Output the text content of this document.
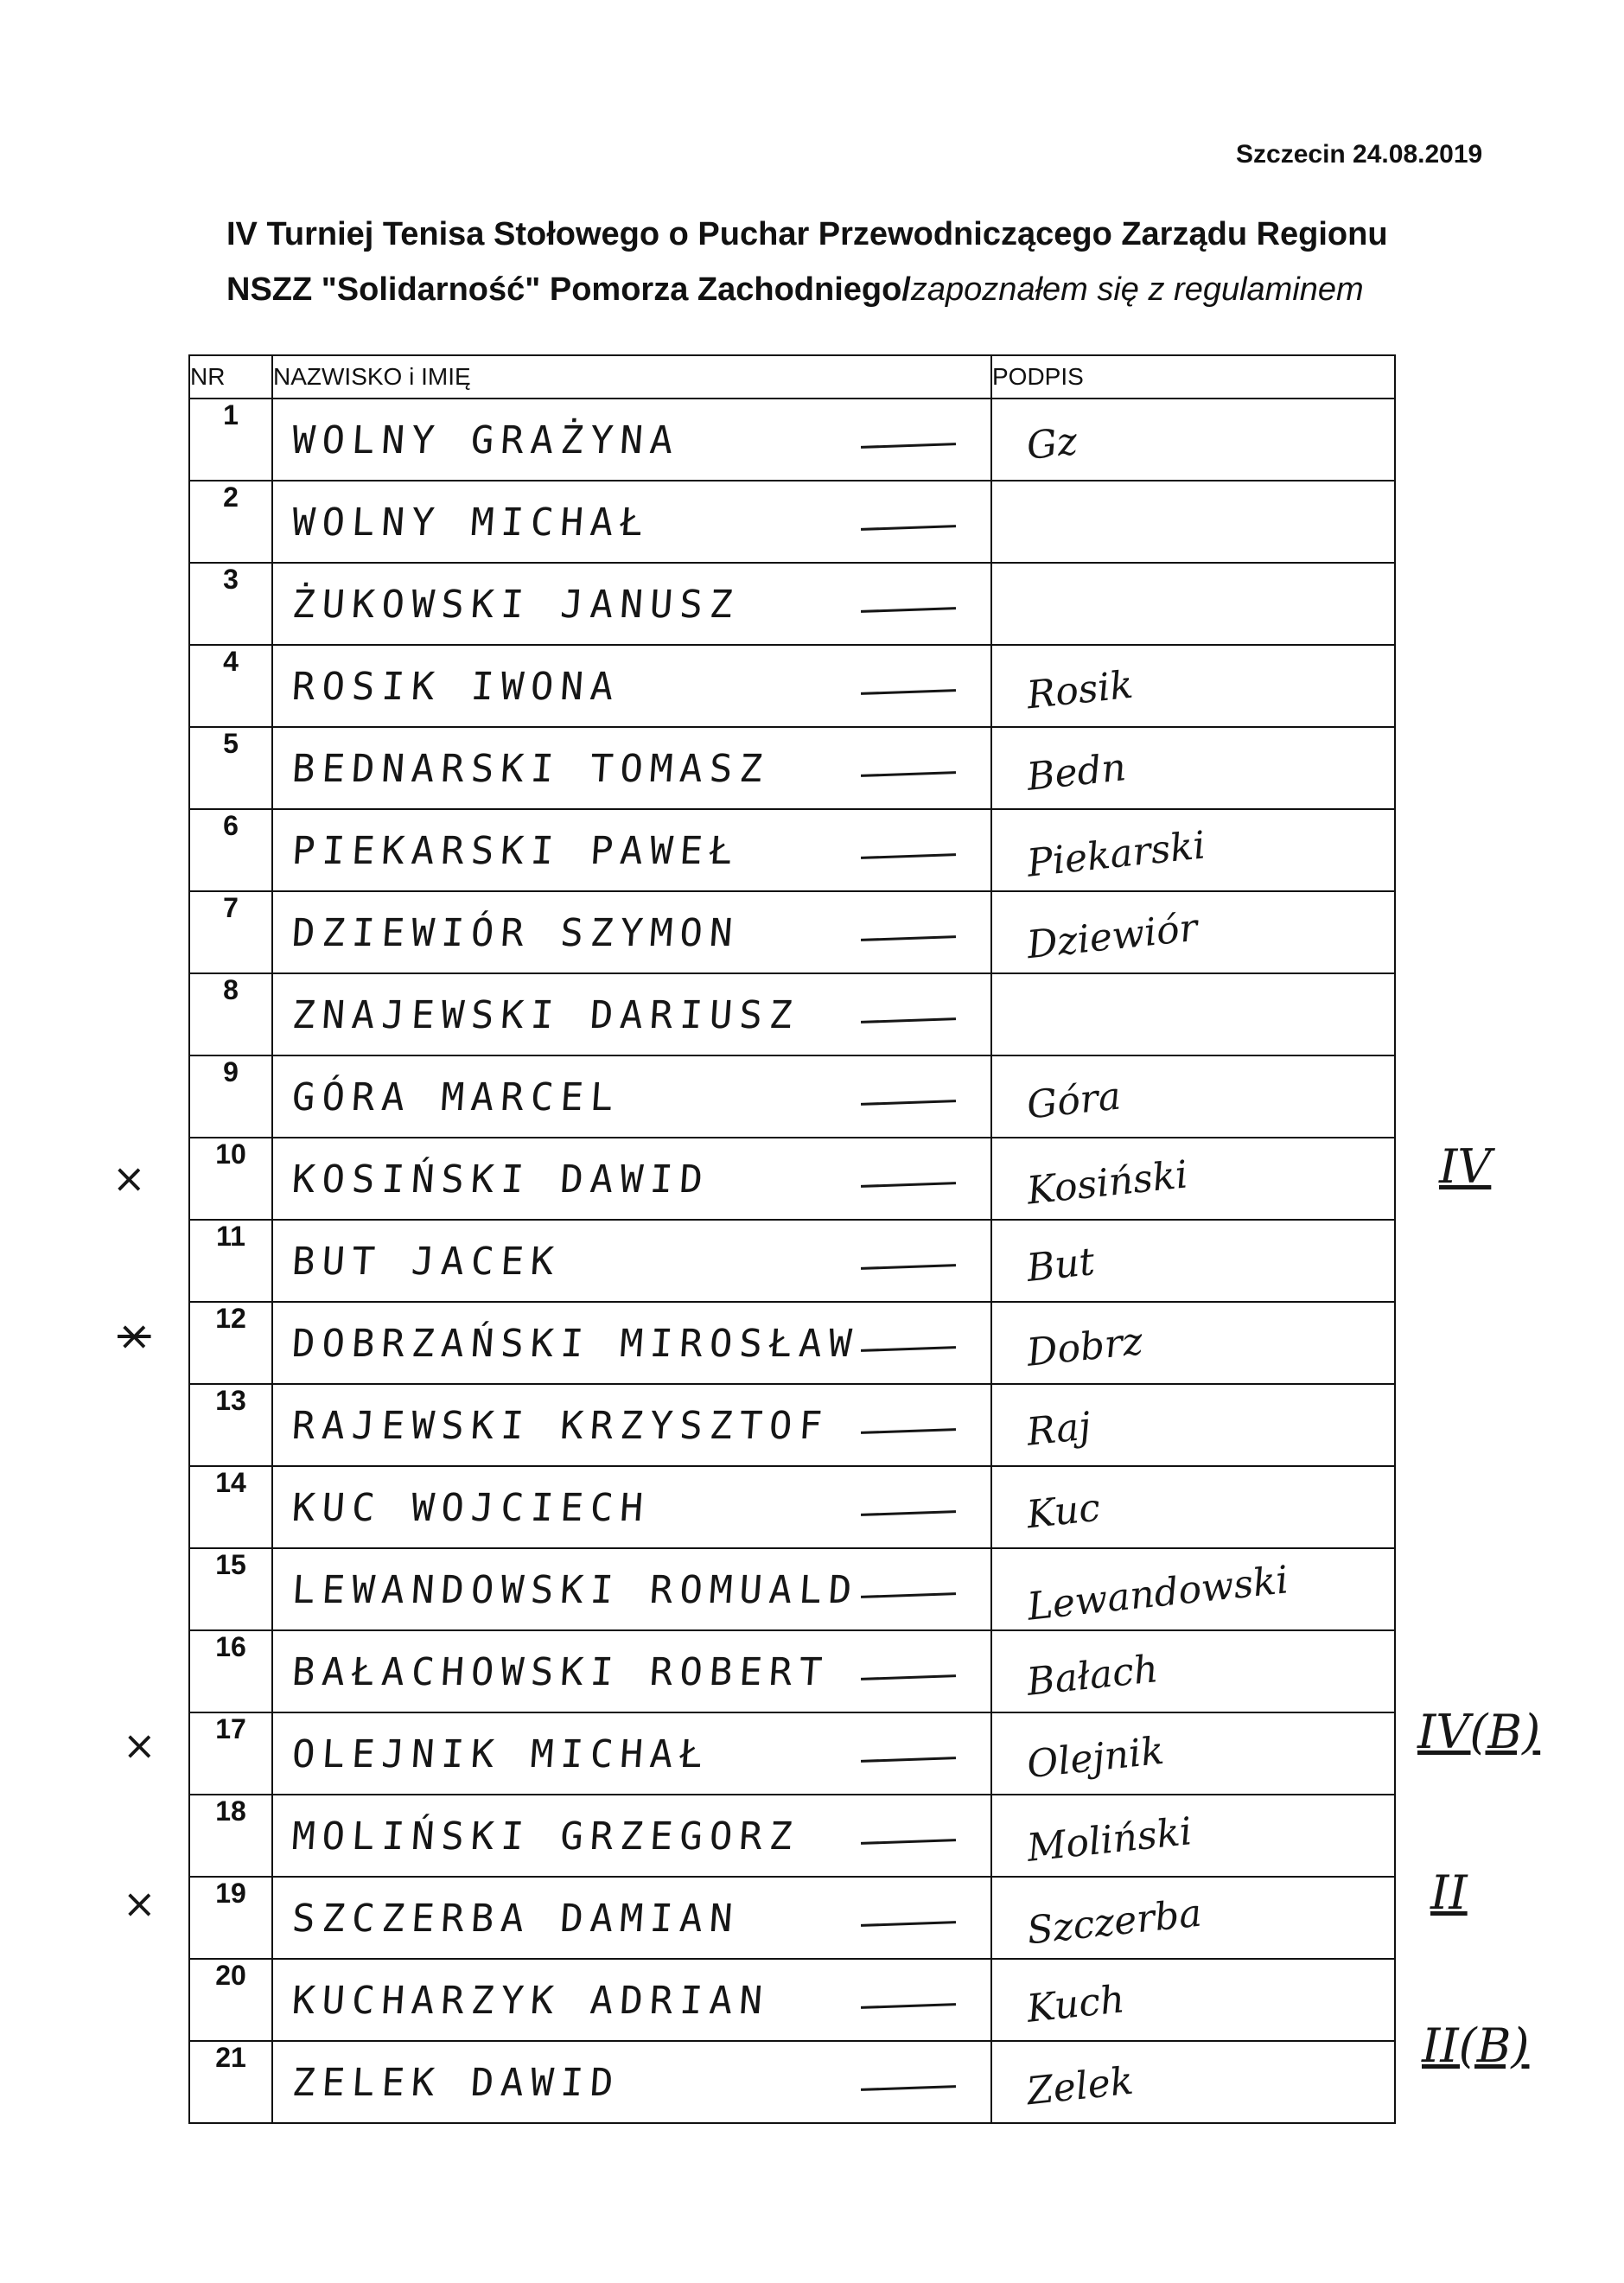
Szczecin 24.08.2019
IV Turniej Tenisa Stołowego o Puchar Przewodniczącego Zarządu Regionu
NSZZ "Solidarność" Pomorza Zachodniego/zapoznałem się z regulaminem
NR	NAZWISKO i IMIĘ	PODPIS
1	WOLNY GRAŻYNA	Gz

2	WOLNY MICHAŁ	

3	ŻUKOWSKI JANUSZ	

4	ROSIK IWONA	Rosik

5	BEDNARSKI TOMASZ	Bedn

6	PIEKARSKI PAWEŁ	Piekarski

7	DZIEWIÓR SZYMON	Dziewiór

8	ZNAJEWSKI DARIUSZ	

9	GÓRA MARCEL	Góra

10	KOSIŃSKI DAWID	Kosiński

11	BUT JACEK	But

12	DOBRZAŃSKI MIROSŁAW	Dobrz

13	RAJEWSKI KRZYSZTOF	Raj

14	KUC WOJCIECH	Kuc

15	LEWANDOWSKI ROMUALD	Lewandowski

16	BAŁACHOWSKI ROBERT	Bałach

17	OLEJNIK MICHAŁ	Olejnik

18	MOLIŃSKI GRZEGORZ	Moliński

19	SZCZERBA DAMIAN	Szczerba

20	KUCHARZYK ADRIAN	Kuch

21	ZELEK DAWID	Zelek
×
×
×
×
IV
IV(B)
II
II(B)
